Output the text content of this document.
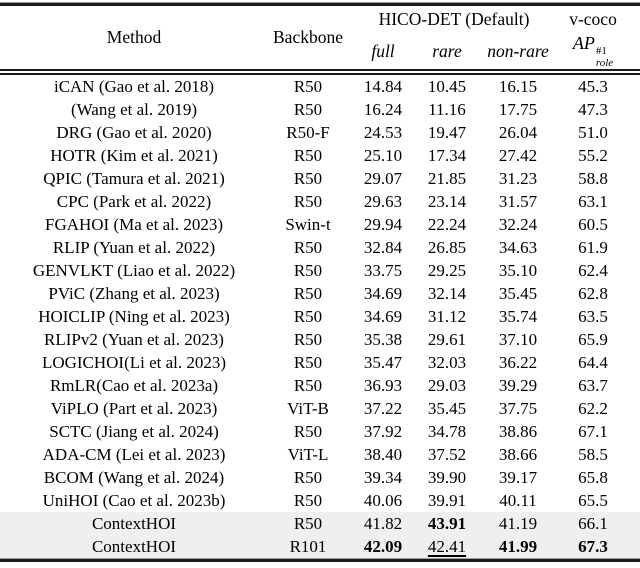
Method	Backbone	HICO-DET (Default)			v-coco
		full	rare	non-rare	AP #1
role

iCAN (Gao et al. 2018)	R50	14.84	10.45	16.15	45.3
(Wang et al. 2019)	R50	16.24	11.16	17.75	47.3
DRG (Gao et al. 2020)	R50-F	24.53	19.47	26.04	51.0
HOTR (Kim et al. 2021)	R50	25.10	17.34	27.42	55.2
QPIC (Tamura et al. 2021)	R50	29.07	21.85	31.23	58.8
CPC (Park et al. 2022)	R50	29.63	23.14	31.57	63.1
FGAHOI (Ma et al. 2023)	Swin-t	29.94	22.24	32.24	60.5
RLIP (Yuan et al. 2022)	R50	32.84	26.85	34.63	61.9
GENVLKT (Liao et al. 2022)	R50	33.75	29.25	35.10	62.4
PViC (Zhang et al. 2023)	R50	34.69	32.14	35.45	62.8
HOICLIP (Ning et al. 2023)	R50	34.69	31.12	35.74	63.5
RLIPv2 (Yuan et al. 2023)	R50	35.38	29.61	37.10	65.9
LOGICHOI(Li et al. 2023)	R50	35.47	32.03	36.22	64.4
RmLR(Cao et al. 2023a)	R50	36.93	29.03	39.29	63.7
ViPLO (Part et al. 2023)	ViT-B	37.22	35.45	37.75	62.2
SCTC (Jiang et al. 2024)	R50	37.92	34.78	38.86	67.1
ADA-CM (Lei et al. 2023)	ViT-L	38.40	37.52	38.66	58.5
BCOM (Wang et al. 2024)	R50	39.34	39.90	39.17	65.8
UniHOI (Cao et al. 2023b)	R50	40.06	39.91	40.11	65.5
ContextHOI	R50	41.82	43.91	41.19	66.1
ContextHOI	R101	42.09	42.41	41.99	67.3
